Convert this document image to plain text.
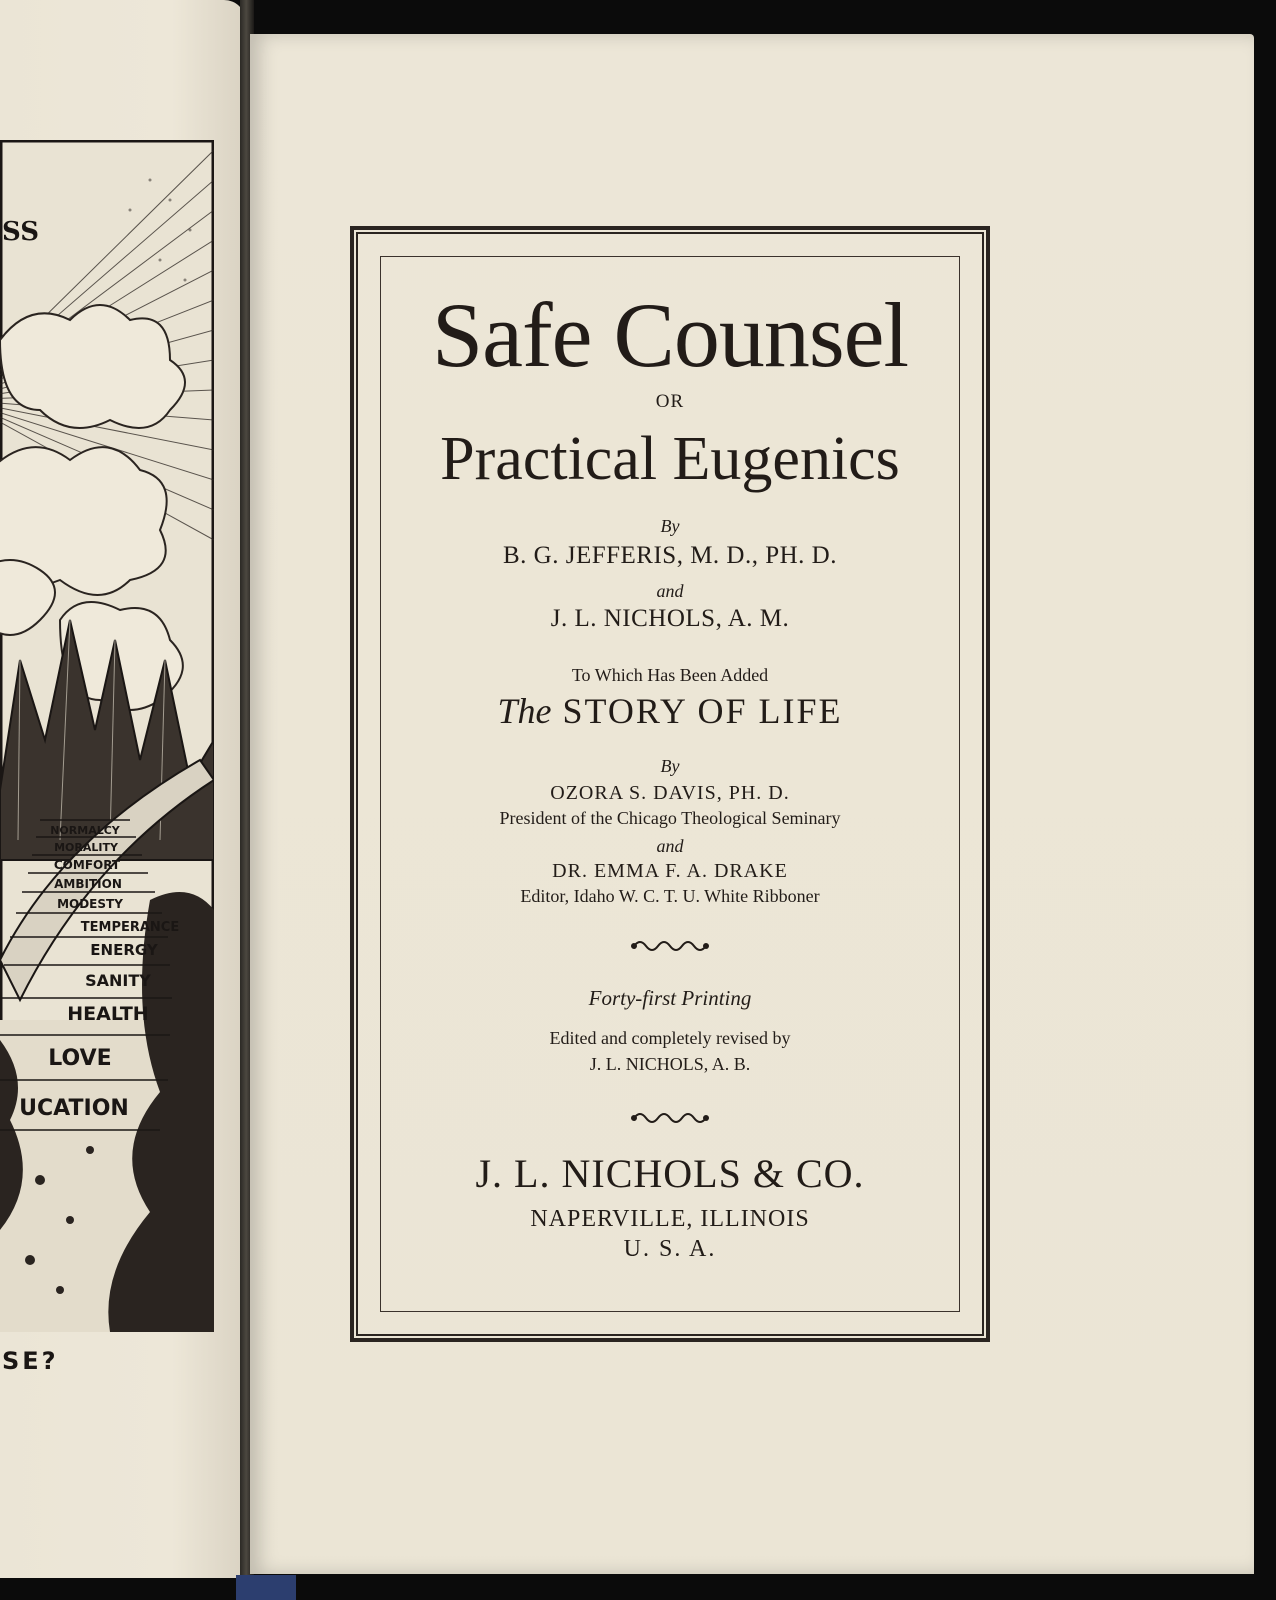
NORMALCY
MORALITY
COMFORT
AMBITION
MODESTY
TEMPERANCE
ENERGY
SANITY
HEALTH
LOVE
UCATION
SS
SE?
Safe Counsel
OR
Practical Eugenics
By
B. G. JEFFERIS, M. D., PH. D.
and
J. L. NICHOLS, A. M.
To Which Has Been Added
The STORY OF LIFE
By
OZORA S. DAVIS, PH. D.
President of the Chicago Theological Seminary
and
DR. EMMA F. A. DRAKE
Editor, Idaho W. C. T. U. White Ribboner
Forty-first Printing
Edited and completely revised by
J. L. NICHOLS, A. B.
J. L. NICHOLS & CO.
NAPERVILLE, ILLINOIS
U. S. A.
